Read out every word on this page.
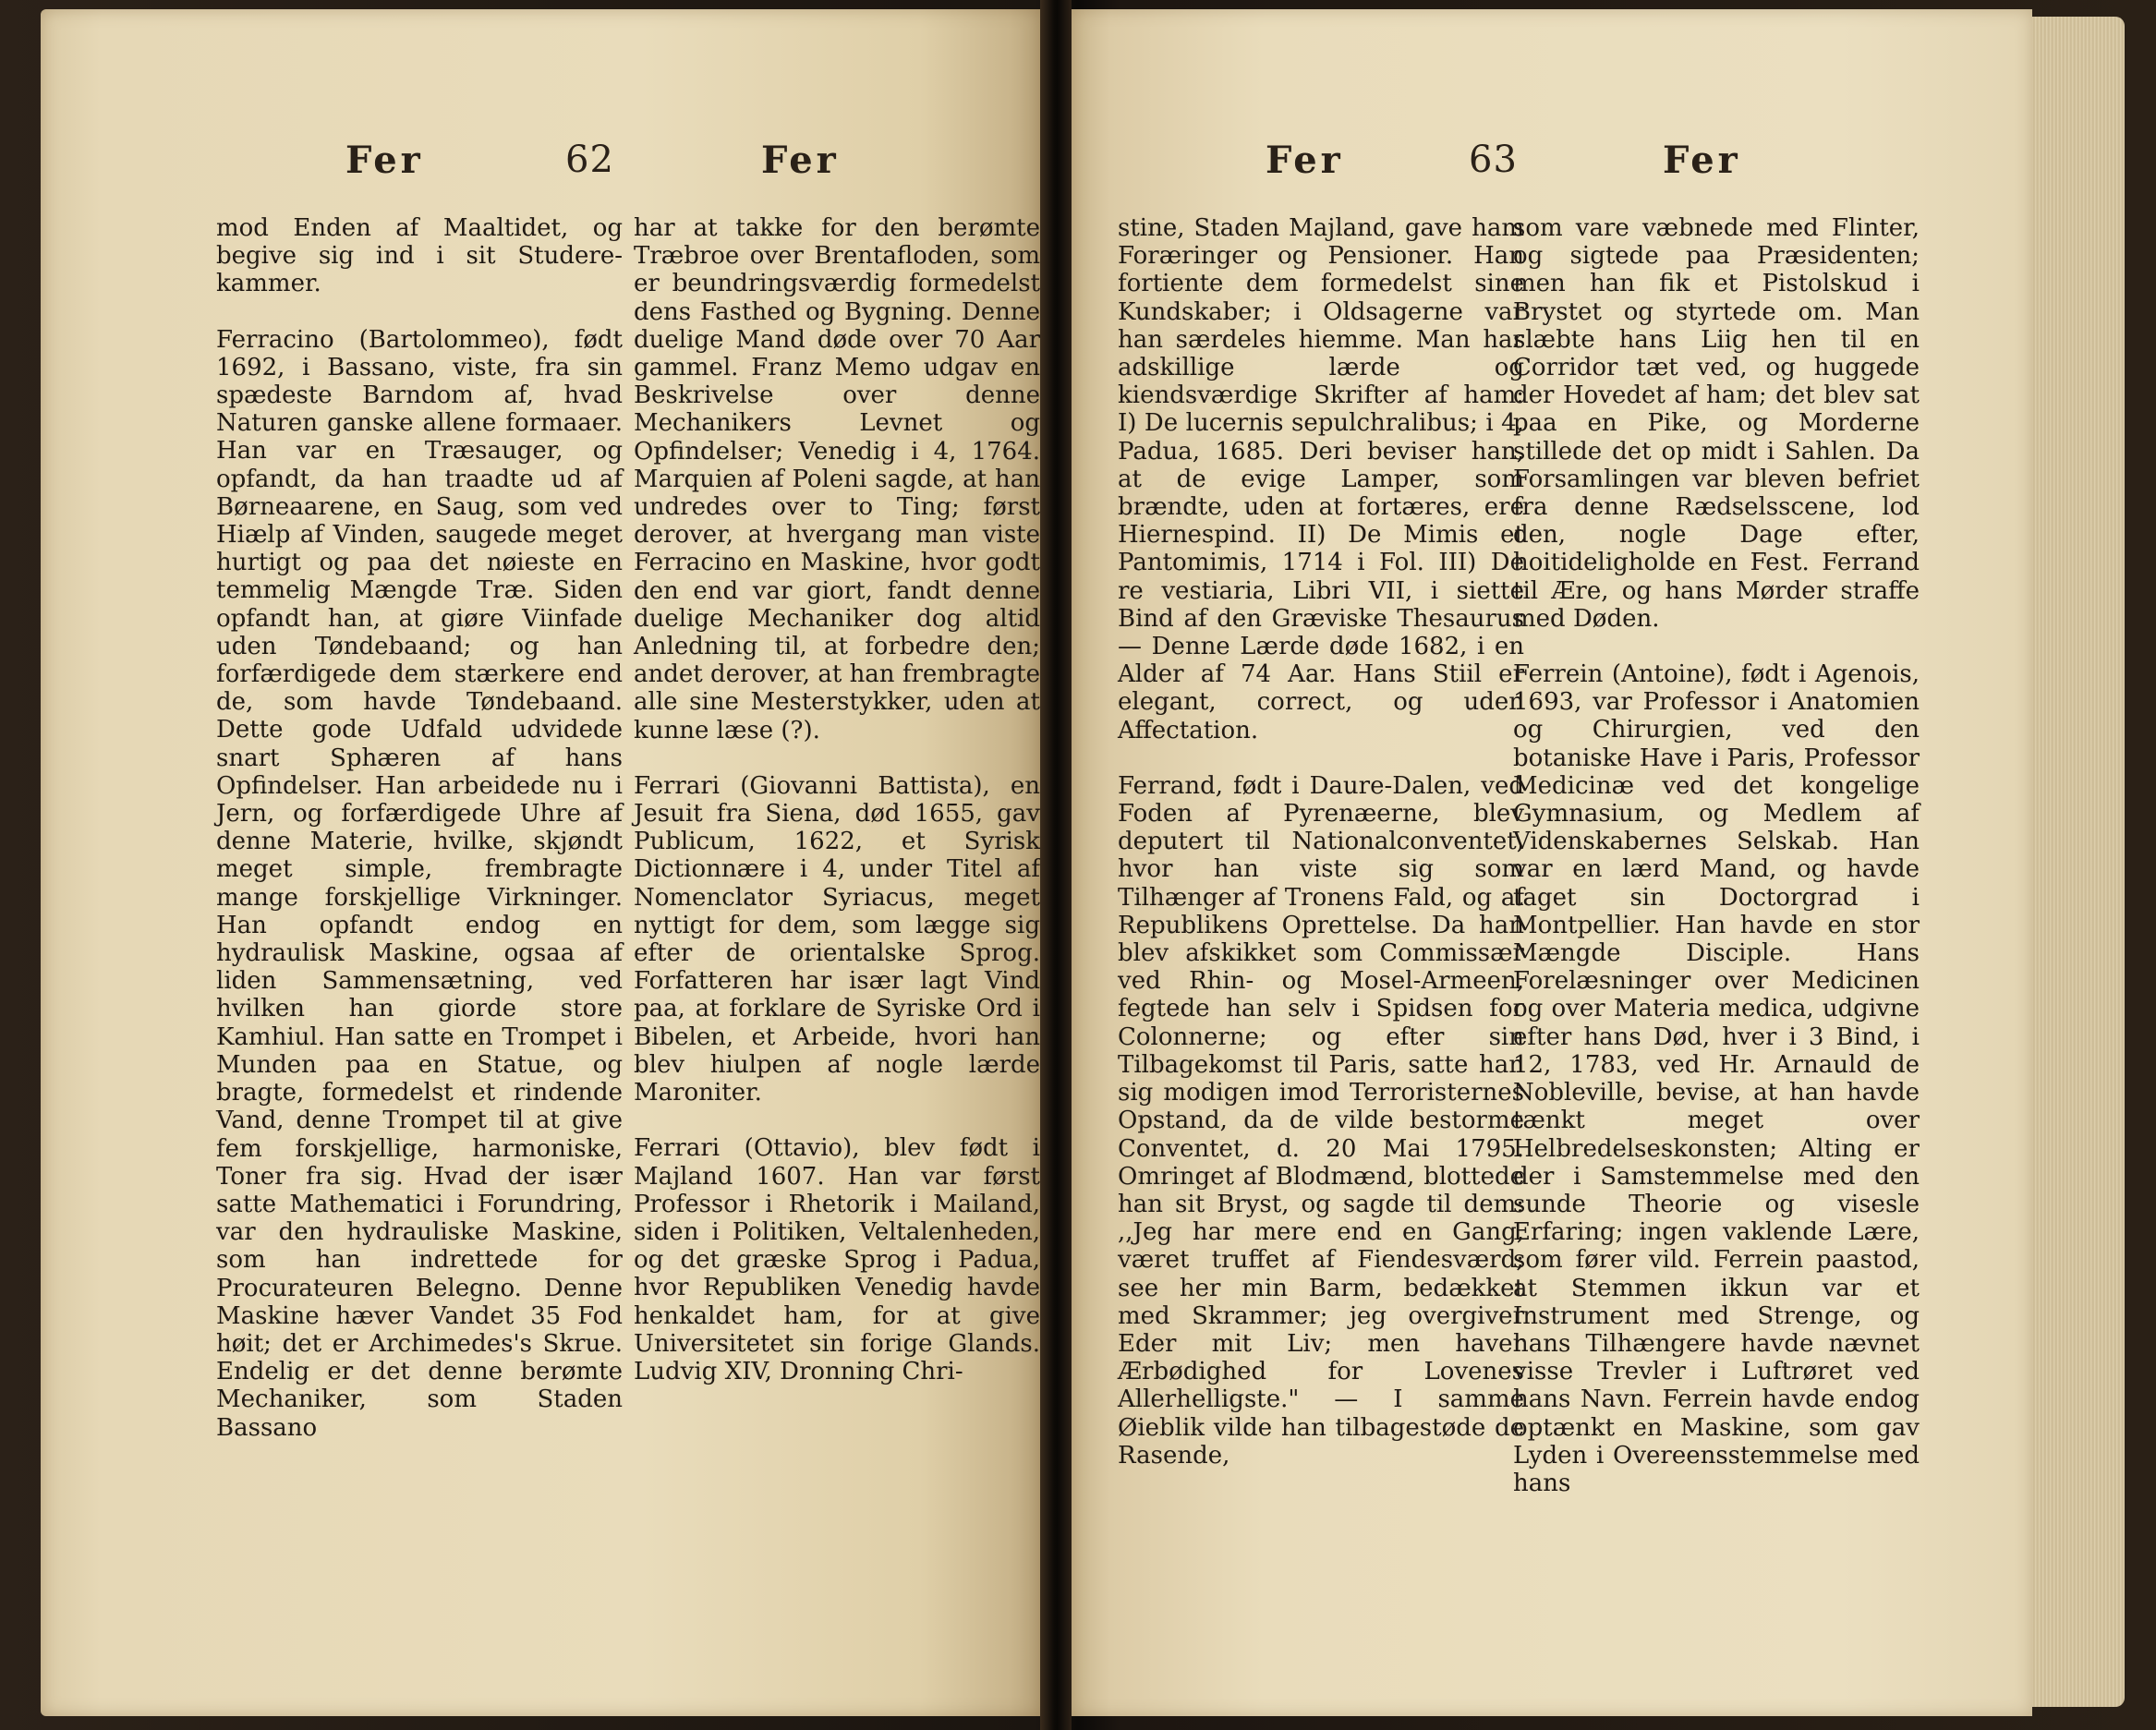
Fer	62	Fer

mod Enden af Maaltidet, og begive sig ind i sit Studere-kammer.

Ferracino (Bartolommeo), født 1692, i Bassano, viste, fra sin spædeste Barndom af, hvad Naturen ganske allene formaaer. Han var en Træsauger, og opfandt, da han traadte ud af Børneaarene, en Saug, som ved Hiælp af Vinden, saugede meget hurtigt og paa det nøieste en temmelig Mængde Træ. Siden opfandt han, at giøre Viinfade uden Tøndebaand; og han forfærdigede dem stærkere end de, som havde Tøndebaand. Dette gode Udfald udvidede snart Sphæren af hans Opfindelser. Han arbeidede nu i Jern, og forfærdigede Uhre af denne Materie, hvilke, skjøndt meget simple, frembragte mange forskjellige Virkninger. Han opfandt endog en hydraulisk Maskine, ogsaa af liden Sammensætning, ved hvilken han giorde store Kamhiul. Han satte en Trompet i Munden paa en Statue, og bragte, formedelst et rindende Vand, denne Trompet til at give fem forskjellige, harmoniske, Toner fra sig. Hvad der især satte Mathematici i Forundring, var den hydrauliske Maskine, som han indrettede for Procurateuren Belegno. Denne Maskine hæver Vandet 35 Fod høit; det er Archimedes's Skrue. Endelig er det denne berømte Mechaniker, som Staden Bassano

har at takke for den berømte Træbroe over Brentafloden, som er beundringsværdig formedelst dens Fasthed og Bygning. Denne duelige Mand døde over 70 Aar gammel. Franz Memo udgav en Beskrivelse over denne Mechanikers Levnet og Opfindelser; Venedig i 4, 1764. Marquien af Poleni sagde, at han undredes over to Ting; først derover, at hvergang man viste Ferracino en Maskine, hvor godt den end var giort, fandt denne duelige Mechaniker dog altid Anledning til, at forbedre den; andet derover, at han frembragte alle sine Mesterstykker, uden at kunne læse (?).

Ferrari (Giovanni Battista), en Jesuit fra Siena, død 1655, gav Publicum, 1622, et Syrisk Dictionnære i 4, under Titel af Nomenclator Syriacus, meget nyttigt for dem, som lægge sig efter de orientalske Sprog. Forfatteren har især lagt Vind paa, at forklare de Syriske Ord i Bibelen, et Arbeide, hvori han blev hiulpen af nogle lærde Maroniter.

Ferrari (Ottavio), blev født i Majland 1607. Han var først Professor i Rhetorik i Mailand, siden i Politiken, Veltalenheden, og det græske Sprog i Padua, hvor Republiken Venedig havde henkaldet ham, for at give Universitetet sin forige Glands. Ludvig XIV, Dronning Chri-

Fer	63	Fer

stine, Staden Majland, gave ham Foræringer og Pensioner. Han fortiente dem formedelst sine Kundskaber; i Oldsagerne var han særdeles hiemme. Man har adskillige lærde og kiendsværdige Skrifter af ham: I) De lucernis sepulchralibus; i 4, Padua, 1685. Deri beviser han, at de evige Lamper, som brændte, uden at fortæres, ere Hiernespind. II) De Mimis et Pantomimis, 1714 i Fol. III) De re vestiaria, Libri VII, i siette Bind af den Græviske Thesaurus — Denne Lærde døde 1682, i en Alder af 74 Aar. Hans Stiil er elegant, correct, og uden Affectation.

Ferrand, født i Daure-Dalen, ved Foden af Pyrenæerne, blev deputert til Nationalconventet, hvor han viste sig som Tilhænger af Tronens Fald, og af Republikens Oprettelse. Da han blev afskikket som Commissær ved Rhin- og Mosel-Armeen, fegtede han selv i Spidsen for Colonnerne; og efter sin Tilbagekomst til Paris, satte han sig modigen imod Terroristernes Opstand, da de vilde bestorme Conventet, d. 20 Mai 1795. Omringet af Blodmænd, blottede han sit Bryst, og sagde til dem: ,,Jeg har mere end en Gang, været truffet af Fiendesværd; see her min Barm, bedækket med Skrammer; jeg overgiver Eder mit Liv; men haver Ærbødighed for Lovenes Allerhelligste." — I samme Øieblik vilde han tilbagestøde de Rasende,

som vare væbnede med Flinter, og sigtede paa Præsidenten; men han fik et Pistolskud i Brystet og styrtede om. Man slæbte hans Liig hen til en Corridor tæt ved, og huggede der Hovedet af ham; det blev sat paa en Pike, og Morderne stillede det op midt i Sahlen. Da Forsamlingen var bleven befriet fra denne Rædselsscene, lod den, nogle Dage efter, hoitideligholde en Fest. Ferrand til Ære, og hans Mørder straffe med Døden.

Ferrein (Antoine), født i Agenois, 1693, var Professor i Anatomien og Chirurgien, ved den botaniske Have i Paris, Professor Medicinæ ved det kongelige Gymnasium, og Medlem af Videnskabernes Selskab. Han var en lærd Mand, og havde taget sin Doctorgrad i Montpellier. Han havde en stor Mængde Disciple. Hans Forelæsninger over Medicinen og over Materia medica, udgivne efter hans Død, hver i 3 Bind, i 12, 1783, ved Hr. Arnauld de Nobleville, bevise, at han havde tænkt meget over Helbredelseskonsten; Alting er der i Samstemmelse med den sunde Theorie og visesle Erfaring; ingen vaklende Lære, som fører vild. Ferrein paastod, at Stemmen ikkun var et Instrument med Strenge, og hans Tilhængere havde nævnet visse Trevler i Luftrøret ved hans Navn. Ferrein havde endog optænkt en Maskine, som gav Lyden i Overeensstemmelse med hans
